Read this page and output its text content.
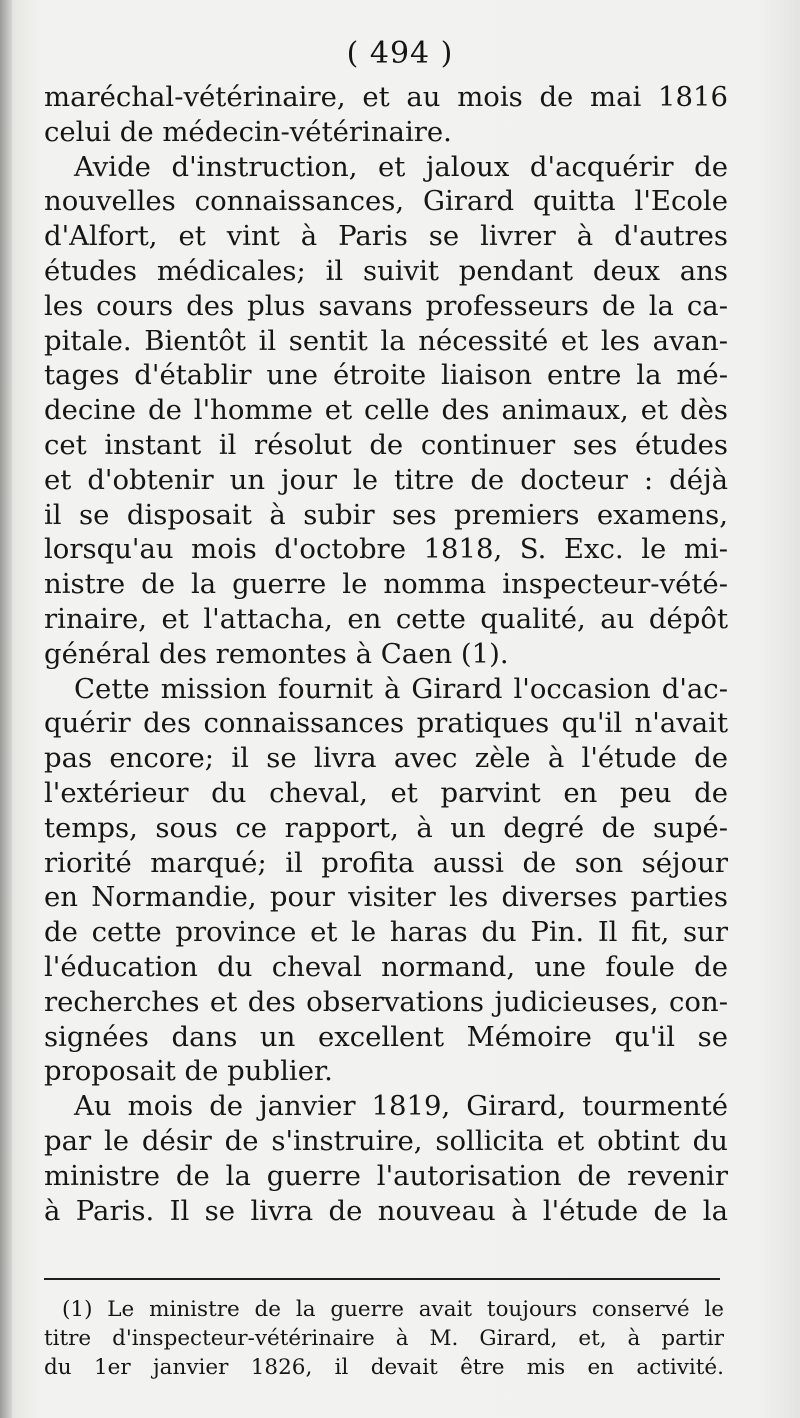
( 494 )
maréchal-vétérinaire, et au mois de mai 1816
celui de médecin-vétérinaire.
Avide d'instruction, et jaloux d'acquérir de
nouvelles connaissances, Girard quitta l'Ecole
d'Alfort, et vint à Paris se livrer à d'autres
études médicales; il suivit pendant deux ans
les cours des plus savans professeurs de la ca-
pitale. Bientôt il sentit la nécessité et les avan-
tages d'établir une étroite liaison entre la mé-
decine de l'homme et celle des animaux, et dès
cet instant il résolut de continuer ses études
et d'obtenir un jour le titre de docteur : déjà
il se disposait à subir ses premiers examens,
lorsqu'au mois d'octobre 1818, S. Exc. le mi-
nistre de la guerre le nomma inspecteur-vété-
rinaire, et l'attacha, en cette qualité, au dépôt
général des remontes à Caen (1).
Cette mission fournit à Girard l'occasion d'ac-
quérir des connaissances pratiques qu'il n'avait
pas encore; il se livra avec zèle à l'étude de
l'extérieur du cheval, et parvint en peu de
temps, sous ce rapport, à un degré de supé-
riorité marqué; il profita aussi de son séjour
en Normandie, pour visiter les diverses parties
de cette province et le haras du Pin. Il fit, sur
l'éducation du cheval normand, une foule de
recherches et des observations judicieuses, con-
signées dans un excellent Mémoire qu'il se
proposait de publier.
Au mois de janvier 1819, Girard, tourmenté
par le désir de s'instruire, sollicita et obtint du
ministre de la guerre l'autorisation de revenir
à Paris. Il se livra de nouveau à l'étude de la
(1) Le ministre de la guerre avait toujours conservé le
titre d'inspecteur-vétérinaire à M. Girard, et, à partir
du 1er janvier 1826, il devait être mis en activité.
